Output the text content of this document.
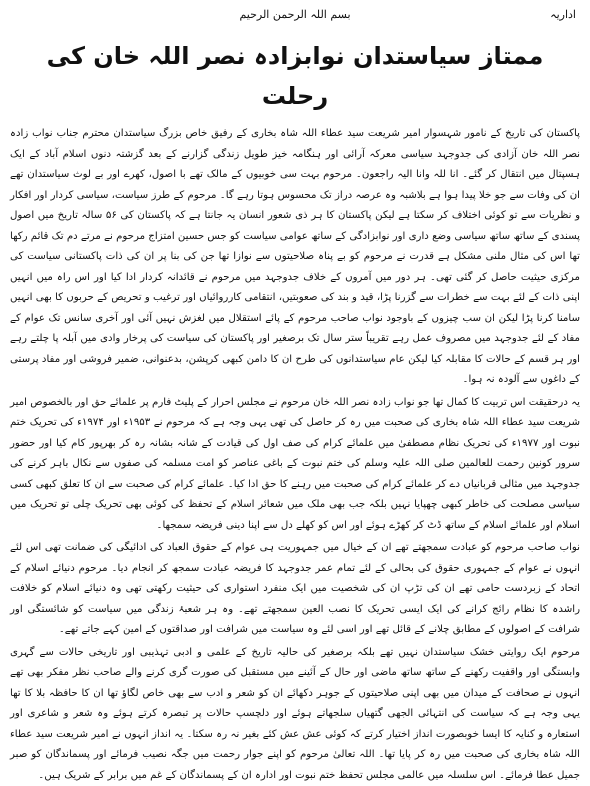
اداریہ
بسم اللہ الرحمن الرحیم
ممتاز سیاستدان نوابزادہ نصر اللہ خان کی رحلت

پاکستان کی تاریخ کے نامور شہسوار امیر شریعت سید عطاء اللہ شاہ بخاری کے رفیق خاص بزرگ سیاستدان محترم جناب نواب زادہ نصر اللہ خان آزادی کی جدوجہد سیاسی معرکہ آرائی اور ہنگامہ خیز طویل زندگی گزارنے کے بعد گزشتہ دنوں اسلام آباد کے ایک ہسپتال میں انتقال کر گئے۔ انا للہ وانا الیہ راجعون۔ مرحوم بہت سی خوبیوں کے مالک تھے با اصول، کھرے اور بے لوث سیاستدان تھے ان کی وفات سے جو خلا پیدا ہوا ہے بلاشبہ وہ عرصہ دراز تک محسوس ہوتا رہے گا۔ مرحوم کے طرز سیاست، سیاسی کردار اور افکار و نظریات سے تو کوئی اختلاف کر سکتا ہے لیکن پاکستان کا ہر ذی شعور انسان یہ جانتا ہے کہ پاکستان کی ۵۶ سالہ تاریخ میں اصول پسندی کے ساتھ ساتھ سیاسی وضع داری اور نوابزادگی کے ساتھ عوامی سیاست کو جس حسین امتزاج مرحوم نے مرتے دم تک قائم رکھا تھا اس کی مثال ملنی مشکل ہے قدرت نے مرحوم کو بے پناہ صلاحیتوں سے نوازا تھا جن کی بنا پر ان کی ذات پاکستانی سیاست کی مرکزی حیثیت حاصل کر گئی تھی۔ ہر دور میں آمروں کے خلاف جدوجہد میں مرحوم نے قائدانہ کردار ادا کیا اور اس راہ میں انہیں اپنی ذات کے لئے بہت سے خطرات سے گزرنا پڑا، قید و بند کی صعوبتیں، انتقامی کارروائیاں اور ترغیب و تحریص کے حربوں کا بھی انہیں سامنا کرنا پڑا لیکن ان سب چیزوں کے باوجود نواب صاحب مرحوم کے پائے استقلال میں لغزش نہیں آئی اور آخری سانس تک عوام کے مفاد کے لئے جدوجہد میں مصروف عمل رہے تقریباً ستر سال تک برصغیر اور پاکستان کی سیاست کی پرخار وادی میں آبلہ پا چلتے رہے اور ہر قسم کے حالات کا مقابلہ کیا لیکن عام سیاستدانوں کی طرح ان کا دامن کبھی کرپشن، بدعنوانی، ضمیر فروشی اور مفاد پرستی کے داغوں سے آلودہ نہ ہوا۔

یہ درحقیقت اس تربیت کا کمال تھا جو نواب زادہ نصر اللہ خان مرحوم نے مجلس احرار کے پلیٹ فارم پر علمائے حق اور بالخصوص امیر شریعت سید عطاء اللہ شاہ بخاری کی صحبت میں رہ کر حاصل کی تھی یہی وجہ ہے کہ مرحوم نے ۱۹۵۳ء اور ۱۹۷۴ء کی تحریک ختم نبوت اور ۱۹۷۷ء کی تحریک نظام مصطفیٰ میں علمائے کرام کی صف اول کی قیادت کے شانہ بشانہ رہ کر بھرپور کام کیا اور حضور سرور کونین رحمت للعالمین صلی اللہ علیہ وسلم کی ختم نبوت کے باغی عناصر کو امت مسلمہ کی صفوں سے نکال باہر کرنے کی جدوجہد میں مثالی قربانیاں دے کر علمائے کرام کی صحبت میں رہنے کا حق ادا کیا۔ علمائے کرام کی صحبت سے ان کا تعلق کبھی کسی سیاسی مصلحت کی خاطر کبھی چھپایا نہیں بلکہ جب بھی ملک میں شعائر اسلام کے تحفظ کی کوئی بھی تحریک چلی تو تحریک میں اسلام اور علمائے اسلام کے ساتھ ڈٹ کر کھڑے ہوئے اور اس کو کھلے دل سے اپنا دینی فریضہ سمجھا۔

نواب صاحب مرحوم کو عبادت سمجھتے تھے ان کے خیال میں جمہوریت ہی عوام کے حقوق العباد کی ادائیگی کی ضمانت تھی اس لئے انہوں نے عوام کے جمہوری حقوق کی بحالی کے لئے تمام عمر جدوجہد کا فریضہ عبادت سمجھ کر انجام دیا۔ مرحوم دنیائے اسلام کے اتحاد کے زبردست حامی تھے ان کی تڑپ ان کی شخصیت میں ایک منفرد استواری کی حیثیت رکھتی تھی وہ دنیائے اسلام کو خلافت راشدہ کا نظام رائج کرانے کی ایک ایسی تحریک کا نصب العین سمجھتے تھے۔ وہ ہر شعبۂ زندگی میں سیاست کو شائستگی اور شرافت کے اصولوں کے مطابق چلانے کے قائل تھے اور اسی لئے وہ سیاست میں شرافت اور صداقتوں کے امین کہے جاتے تھے۔

مرحوم ایک روایتی خشک سیاستدان نہیں تھے بلکہ برصغیر کی حالیہ تاریخ کے علمی و ادبی تہذیبی اور تاریخی حالات سے گہری وابستگی اور واقفیت رکھنے کے ساتھ ساتھ ماضی اور حال کے آئینے میں مستقبل کی صورت گری کرنے والے صاحب نظر مفکر بھی تھے انہوں نے صحافت کے میدان میں بھی اپنی صلاحیتوں کے جوہر دکھائے ان کو شعر و ادب سے بھی خاص لگاؤ تھا ان کا حافظہ بلا کا تھا یہی وجہ ہے کہ سیاست کی انتہائی الجھی گتھیاں سلجھاتے ہوئے اور دلچسپ حالات پر تبصرہ کرتے ہوئے وہ شعر و شاعری اور استعارہ و کنایہ کا ایسا خوبصورت انداز اختیار کرتے کہ کوئی عش عش کئے بغیر نہ رہ سکتا۔ یہ انداز انہوں نے امیر شریعت سید عطاء اللہ شاہ بخاری کی صحبت میں رہ کر پایا تھا۔ اللہ تعالیٰ مرحوم کو اپنے جوار رحمت میں جگہ نصیب فرمائے اور پسماندگان کو صبر جمیل عطا فرمائے۔ اس سلسلہ میں عالمی مجلس تحفظ ختم نبوت اور ادارہ ان کے پسماندگان کے غم میں برابر کے شریک ہیں۔
